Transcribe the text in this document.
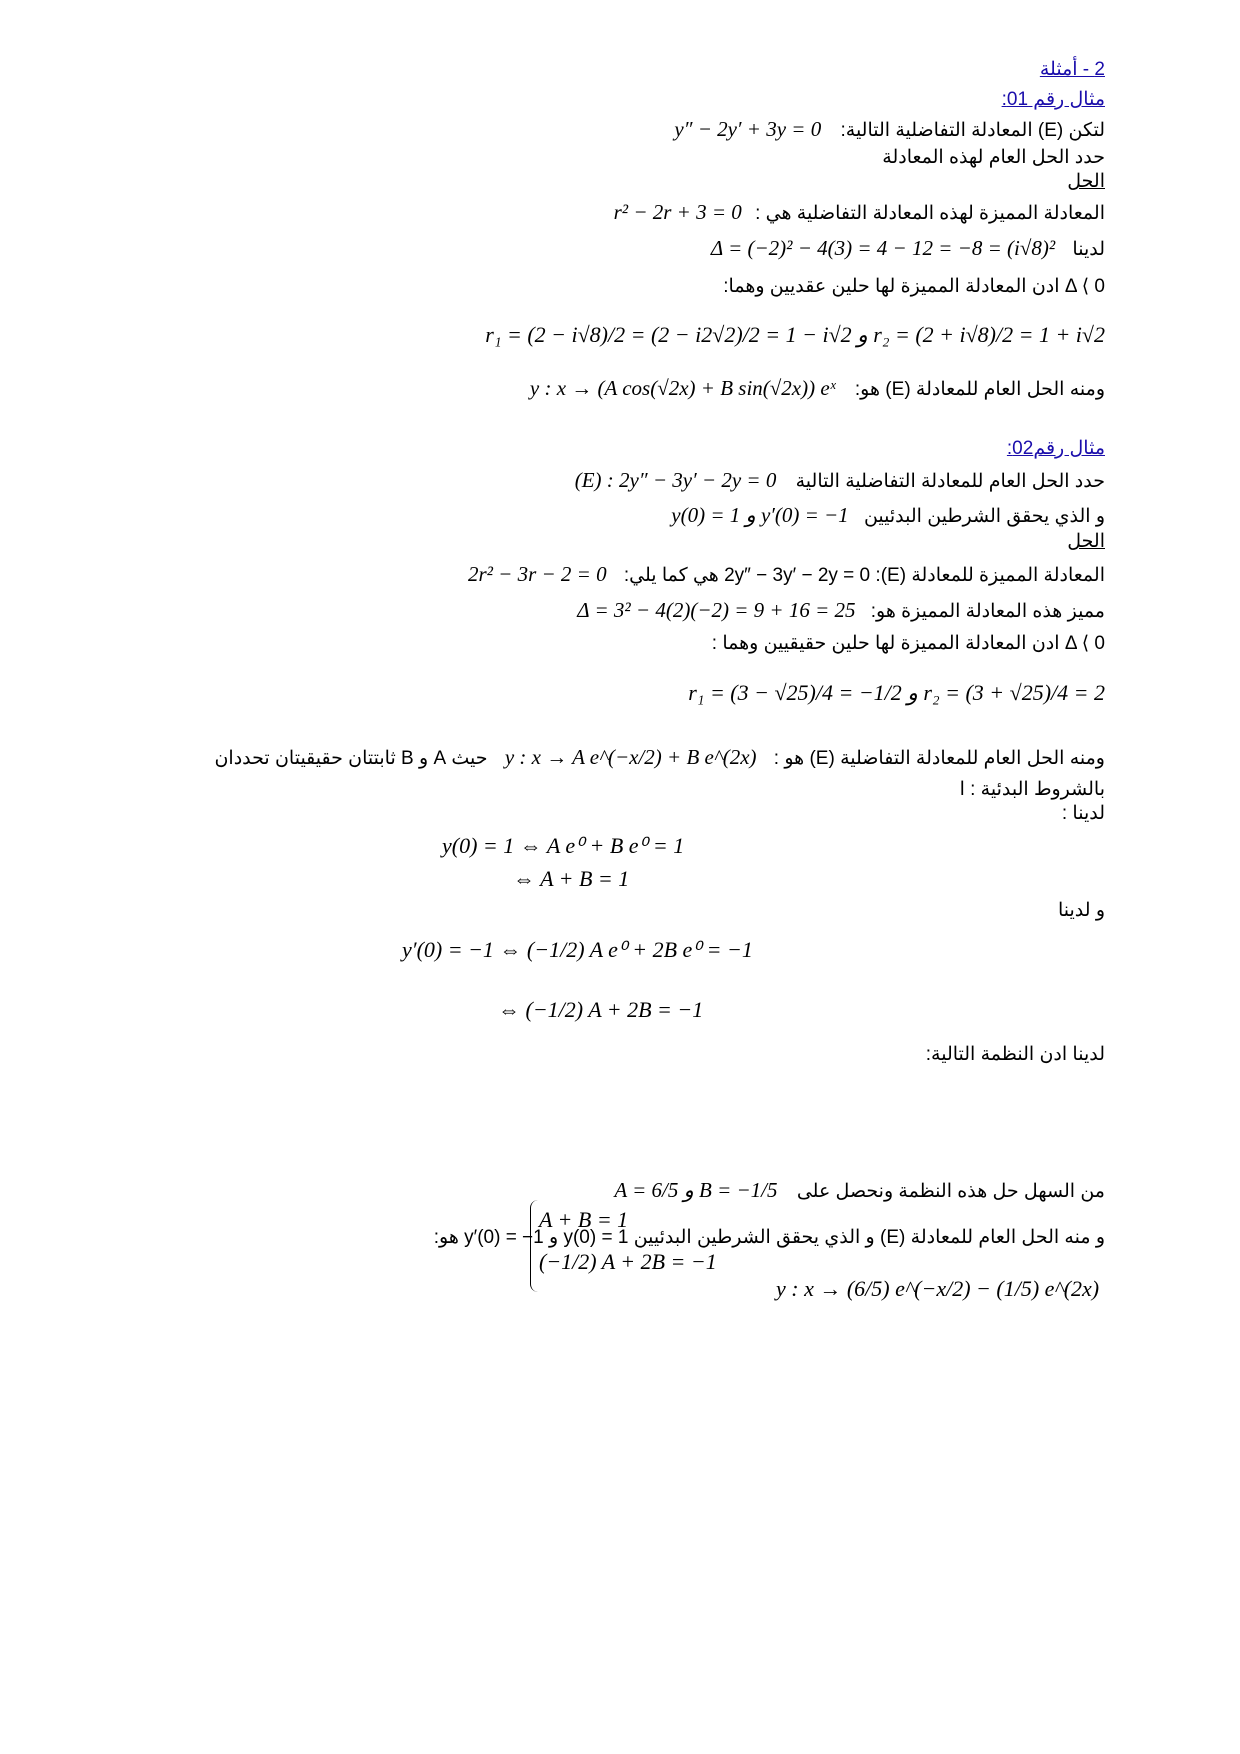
2 - أمثلة
مثال رقم 01:
لتكن (E) المعادلة التفاضلية التالية: y″ − 2y′ + 3y = 0
حدد الحل العام لهذه المعادلة
الحل
المعادلة المميزة لهذه المعادلة التفاضلية هي : r² − 2r + 3 = 0
لدينا Δ = (−2)² − 4(3) = 4 − 12 = −8 = (i√8)²
Δ ⟨ 0 ادن المعادلة المميزة لها حلين عقديين وهما:
r₁ = (2 − i√8)/2 = (2 − i2√2)/2 = 1 − i√2 و r₂ = (2 + i√8)/2 = 1 + i√2
ومنه الحل العام للمعادلة (E) هو: y : x → (A cos(√2x) + B sin(√2x)) eˣ
مثال رقم02:
حدد الحل العام للمعادلة التفاضلية التالية (E) : 2y″ − 3y′ − 2y = 0
و الذي يحقق الشرطين البدئيين y(0) = 1 و y′(0) = −1
الحل
المعادلة المميزة للمعادلة (E): 2y″ − 3y′ − 2y = 0 هي كما يلي: 2r² − 3r − 2 = 0
مميز هذه المعادلة المميزة هو: Δ = 3² − 4(2)(−2) = 9 + 16 = 25
Δ ⟨ 0 ادن المعادلة المميزة لها حلين حقيقيين وهما :
r₁ = (3 − √25)/4 = −1/2 و r₂ = (3 + √25)/4 = 2
ومنه الحل العام للمعادلة التفاضلية (E) هو : y : x → A e^(−x/2) + B e^(2x) حيث A و B ثابتتان حقيقيتان تحددان
بالشروط البدئية : ا
لدينا :
y(0) = 1 ⇔ A e⁰ + B e⁰ = 1
⇔ A + B = 1
و لدينا
y′(0) = −1 ⇔ (−1/2) A e⁰ + 2B e⁰ = −1
⇔ (−1/2) A + 2B = −1
لدينا ادن النظمة التالية:
A + B = 1
(−1/2) A + 2B = −1
من السهل حل هذه النظمة ونحصل على A = 6/5 و B = −1/5
و منه الحل العام للمعادلة (E) و الذي يحقق الشرطين البدئيين y(0) = 1 و y′(0) = −1 هو:
y : x → (6/5) e^(−x/2) − (1/5) e^(2x)
